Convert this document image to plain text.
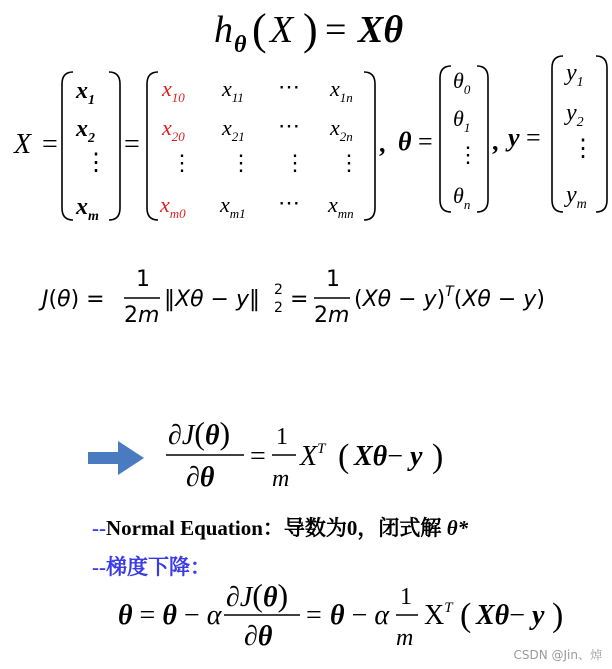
h θ ( X ) = Xθ
X =
$x_1$
$x_2$
⋮
$x_m$
=
$x_{10}$
$x_{20}$
⋮
$x_{m0}$
$x_{11}$
$x_{21}$
⋮
$x_{m1}$
⋯
⋯
⋮
⋯
$x_{1n}$
$x_{2n}$
⋮
$x_{mn}$
, θ =
$\theta_0$
$\theta_1$
⋮
$\theta_n$
, y =
$y_1$
$y_2$
⋮
$y_m$
J(θ) =
1
2m
‖Xθ − y‖ 2
2 =
1
2m
$(X\theta - y)^T(X\theta - y)$
∂J(θ)
∂θ
=
1
m
$X^T$ ( Xθ− y )
θ = θ − α
∂J(θ)
∂θ
= θ − α
1
m
$X^T$ ( Xθ− y )
--Normal Equation：导数为0，闭式解 θ*
--梯度下降：
CSDN @Jin、焯
